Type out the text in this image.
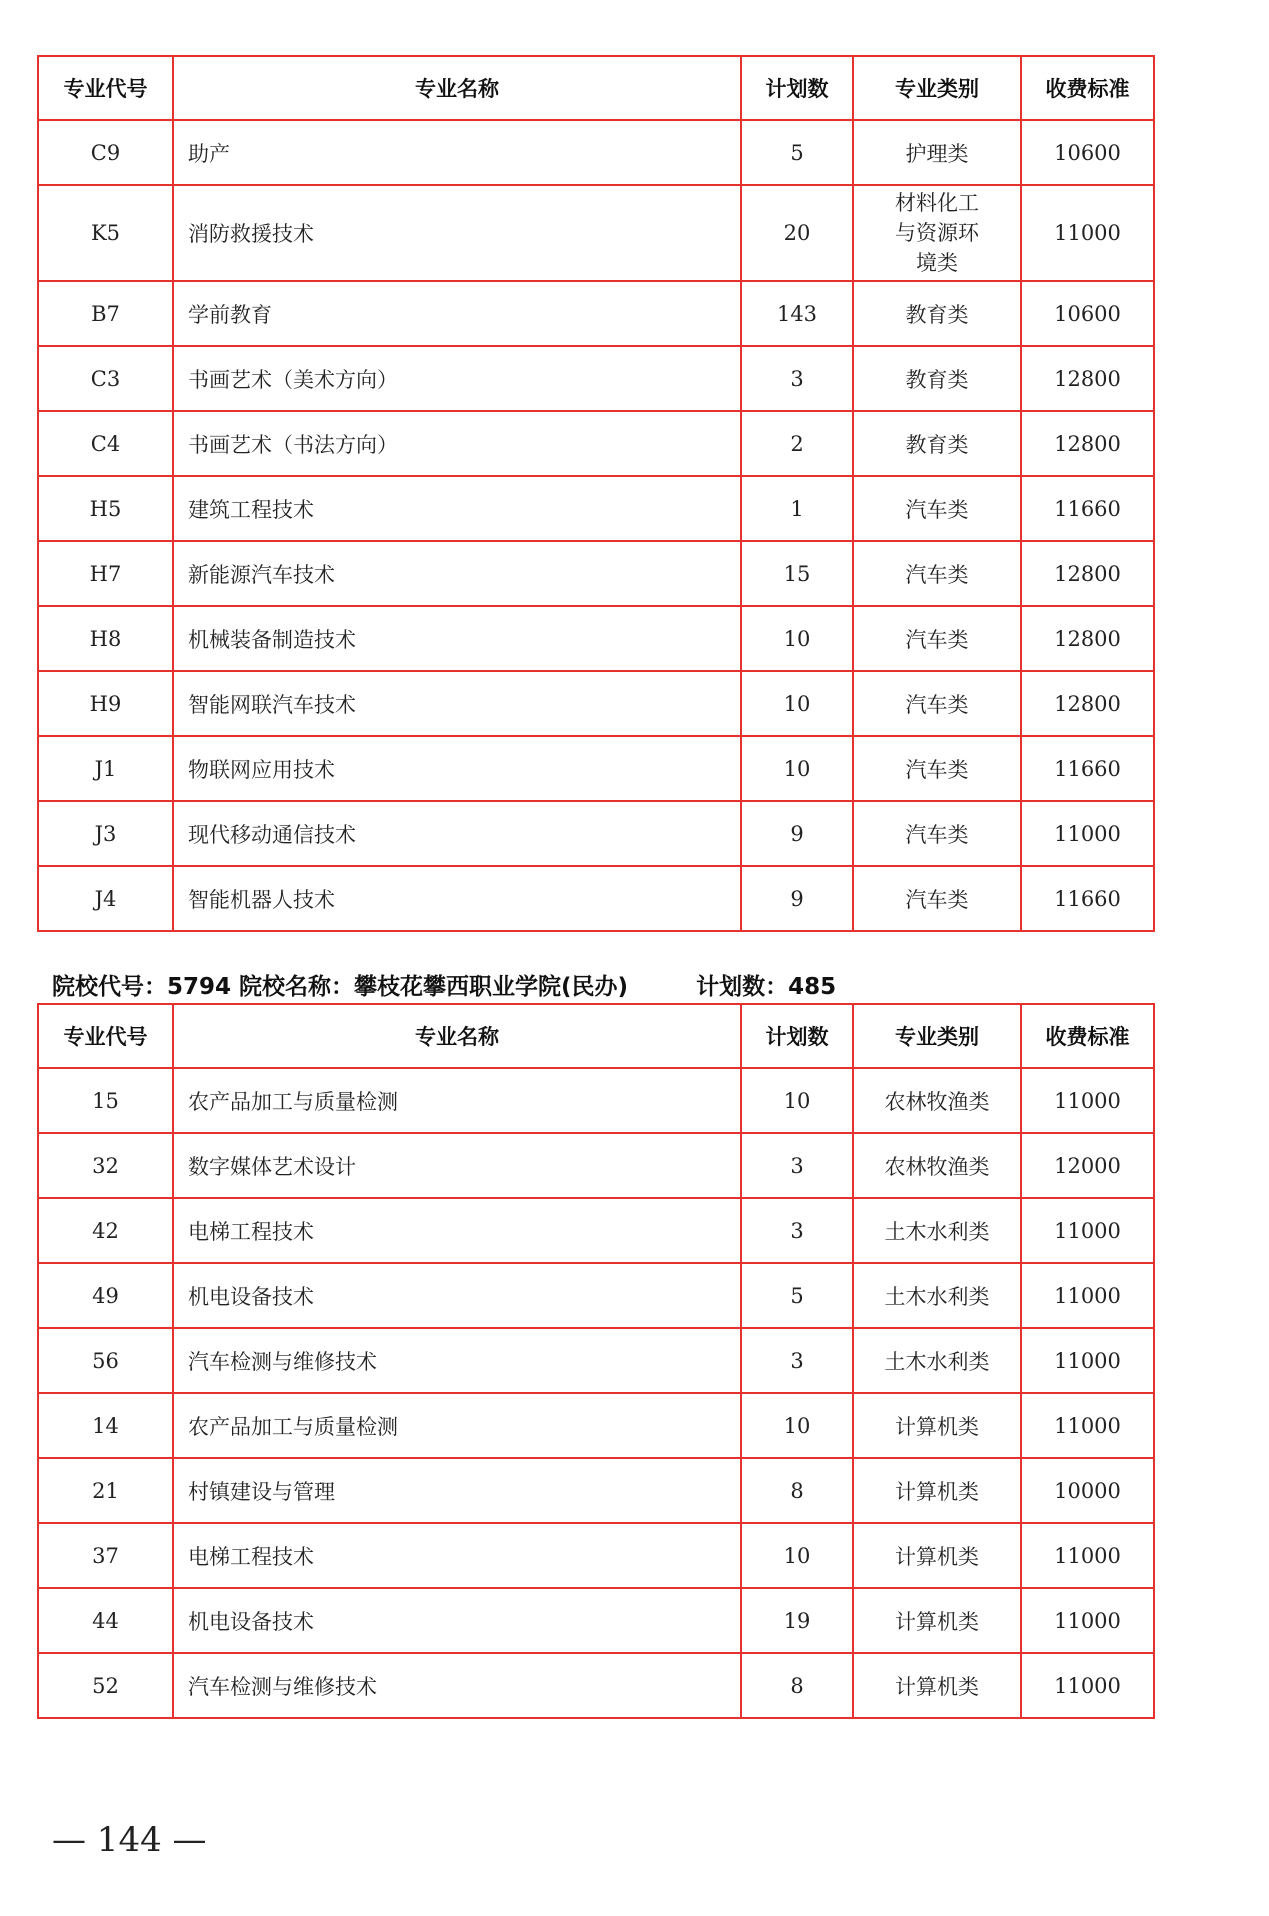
专业代号	专业名称	计划数	专业类别	收费标准
C9	助产	5	护理类	10600
K5	消防救援技术	20	材料化工与资源环境类	11000
B7	学前教育	143	教育类	10600
C3	书画艺术（美术方向）	3	教育类	12800
C4	书画艺术（书法方向）	2	教育类	12800
H5	建筑工程技术	1	汽车类	11660
H7	新能源汽车技术	15	汽车类	12800
H8	机械装备制造技术	10	汽车类	12800
H9	智能网联汽车技术	10	汽车类	12800
J1	物联网应用技术	10	汽车类	11660
J3	现代移动通信技术	9	汽车类	11000
J4	智能机器人技术	9	汽车类	11660
院校代号：5794 院校名称：攀枝花攀西职业学院(民办)	计划数：485
专业代号	专业名称	计划数	专业类别	收费标准
15	农产品加工与质量检测	10	农林牧渔类	11000
32	数字媒体艺术设计	3	农林牧渔类	12000
42	电梯工程技术	3	土木水利类	11000
49	机电设备技术	5	土木水利类	11000
56	汽车检测与维修技术	3	土木水利类	11000
14	农产品加工与质量检测	10	计算机类	11000
21	村镇建设与管理	8	计算机类	10000
37	电梯工程技术	10	计算机类	11000
44	机电设备技术	19	计算机类	11000
52	汽车检测与维修技术	8	计算机类	11000
— 144 —
